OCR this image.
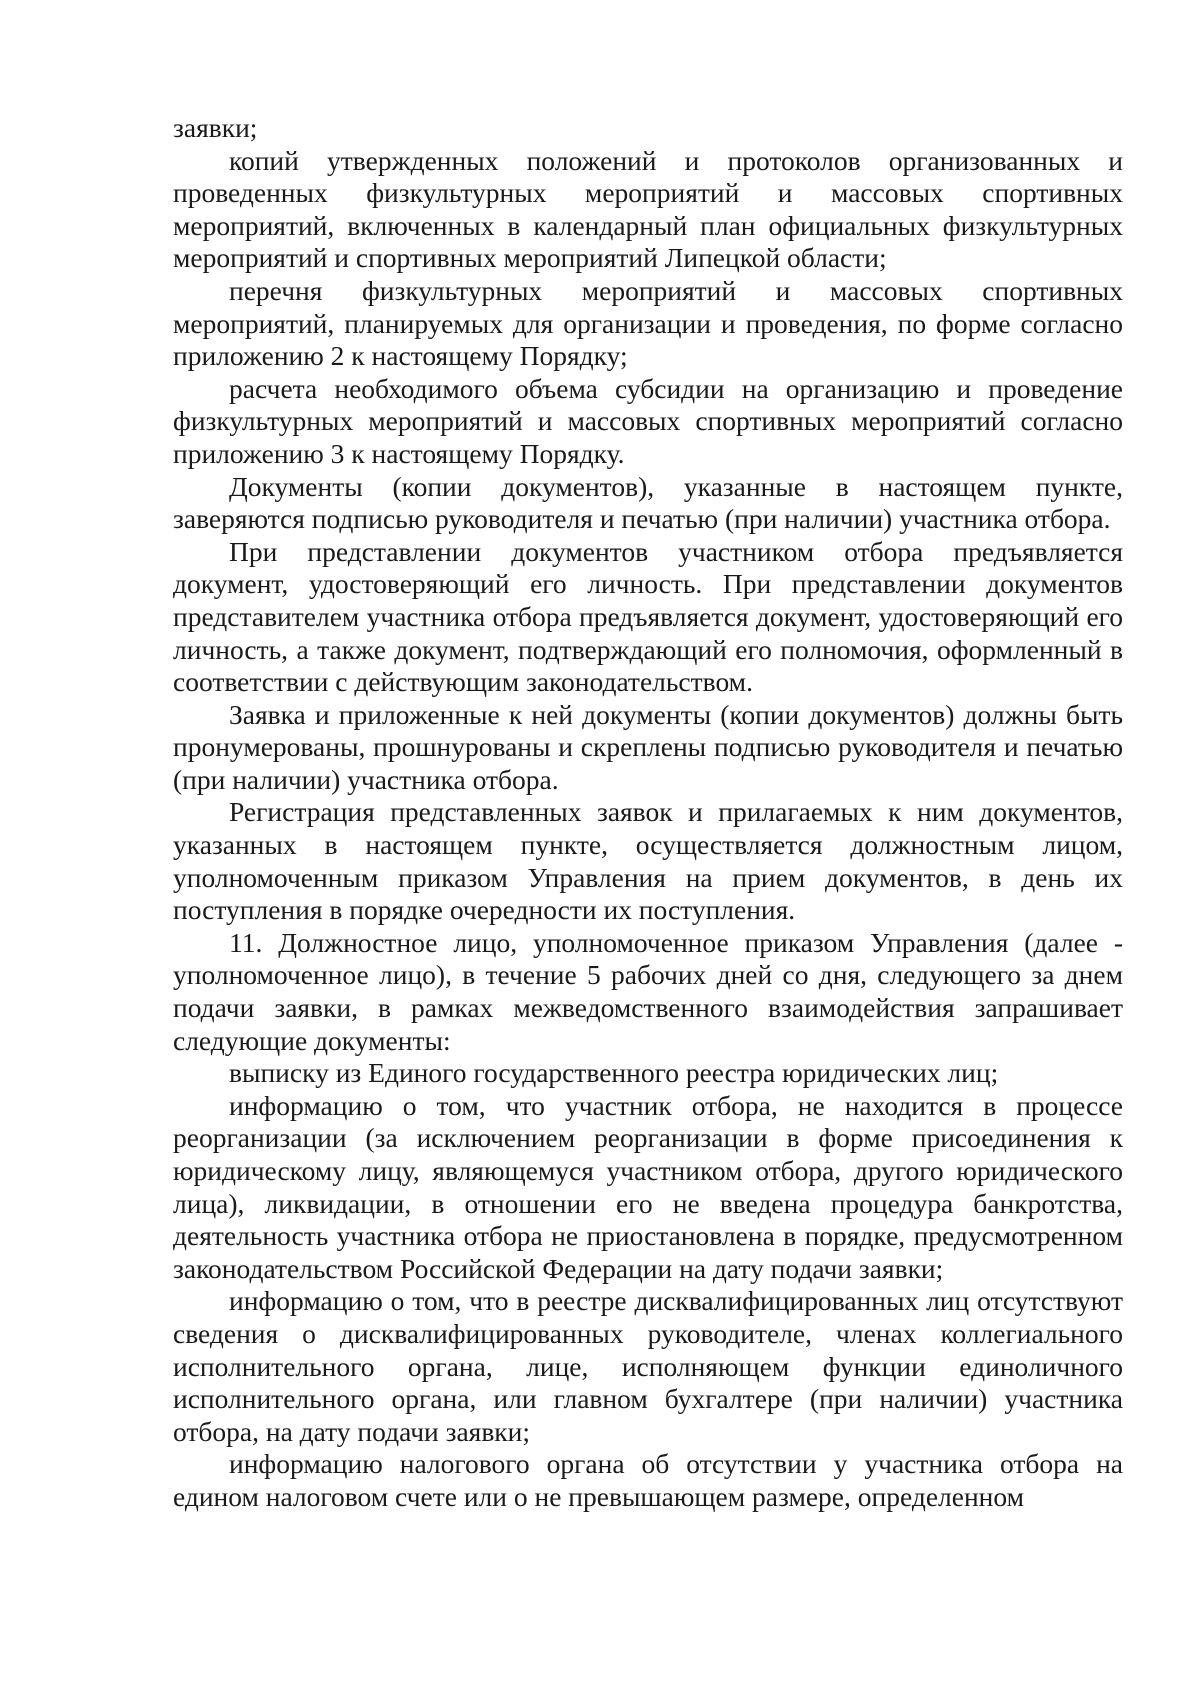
заявки;

копий утвержденных положений и протоколов организованных и проведенных физкультурных мероприятий и массовых спортивных мероприятий, включенных в календарный план официальных физкультурных мероприятий и спортивных мероприятий Липецкой области;

перечня физкультурных мероприятий и массовых спортивных мероприятий, планируемых для организации и проведения, по форме согласно приложению 2 к настоящему Порядку;

расчета необходимого объема субсидии на организацию и проведение физкультурных мероприятий и массовых спортивных мероприятий согласно приложению 3 к настоящему Порядку.

Документы (копии документов), указанные в настоящем пункте, заверяются подписью руководителя и печатью (при наличии) участника отбора.

При представлении документов участником отбора предъявляется документ, удостоверяющий его личность. При представлении документов представителем участника отбора предъявляется документ, удостоверяющий его личность, а также документ, подтверждающий его полномочия, оформленный в соответствии с действующим законодательством.

Заявка и приложенные к ней документы (копии документов) должны быть пронумерованы, прошнурованы и скреплены подписью руководителя и печатью (при наличии) участника отбора.

Регистрация представленных заявок и прилагаемых к ним документов, указанных в настоящем пункте, осуществляется должностным лицом, уполномоченным приказом Управления на прием документов, в день их поступления в порядке очередности их поступления.

11. Должностное лицо, уполномоченное приказом Управления (далее - уполномоченное лицо), в течение 5 рабочих дней со дня, следующего за днем подачи заявки, в рамках межведомственного взаимодействия запрашивает следующие документы:

выписку из Единого государственного реестра юридических лиц;

информацию о том, что участник отбора, не находится в процессе реорганизации (за исключением реорганизации в форме присоединения к юридическому лицу, являющемуся участником отбора, другого юридического лица), ликвидации, в отношении его не введена процедура банкротства, деятельность участника отбора не приостановлена в порядке, предусмотренном законодательством Российской Федерации на дату подачи заявки;

информацию о том, что в реестре дисквалифицированных лиц отсутствуют сведения о дисквалифицированных руководителе, членах коллегиального исполнительного органа, лице, исполняющем функции единоличного исполнительного органа, или главном бухгалтере (при наличии) участника отбора, на дату подачи заявки;

информацию налогового органа об отсутствии у участника отбора на едином налоговом счете или о не превышающем размере, определенном
